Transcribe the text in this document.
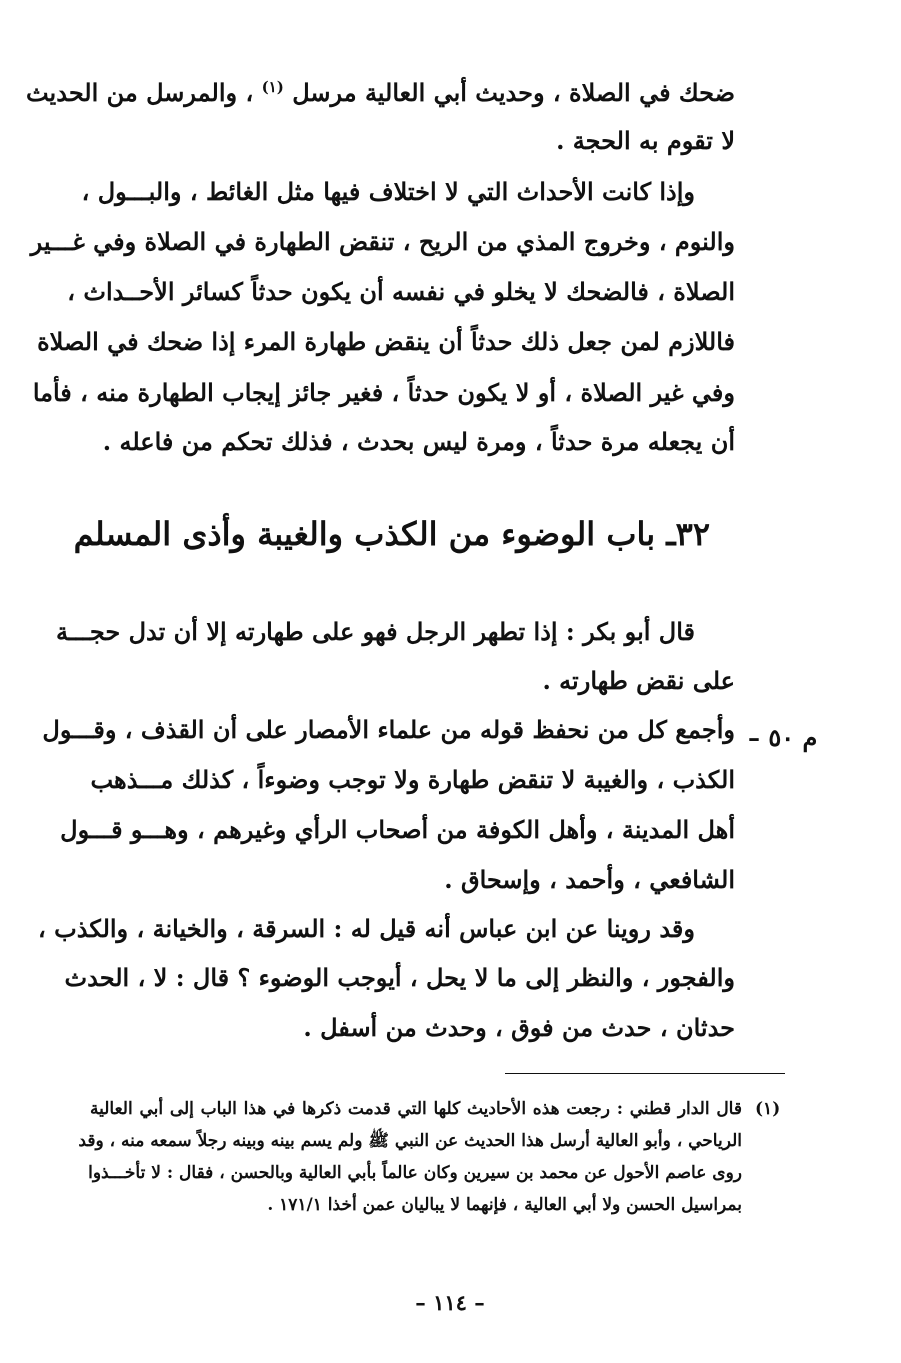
ضحك في الصلاة ، وحديث أبي العالية مرسل $^{(١)}$ ، والمرسل من الحديث
لا تقوم به الحجة .
وإذا كانت الأحداث التي لا اختلاف فيها مثل الغائط ، والبـــول ،
والنوم ، وخروج المذي من الريح ، تنقض الطهارة في الصلاة وفي غـــير
الصلاة ، فالضحك لا يخلو في نفسه أن يكون حدثاً كسائر الأحــداث ،
فاللازم لمن جعل ذلك حدثاً أن ينقض طهارة المرء إذا ضحك في الصلاة
وفي غير الصلاة ، أو لا يكون حدثاً ، فغير جائز إيجاب الطهارة منه ، فأما
أن يجعله مرة حدثاً ، ومرة ليس بحدث ، فذلك تحكم من فاعله .
٣٢ـ باب الوضوء من الكذب والغيبة وأذى المسلم
قال أبو بكر : إذا تطهر الرجل فهو على طهارته إلا أن تدل حجـــة
على نقض طهارته .
م ٥٠ –
وأجمع كل من نحفظ قوله من علماء الأمصار على أن القذف ، وقـــول
الكذب ، والغيبة لا تنقض طهارة ولا توجب وضوءاً ، كذلك مـــذهب
أهل المدينة ، وأهل الكوفة من أصحاب الرأي وغيرهم ، وهـــو قـــول
الشافعي ، وأحمد ، وإسحاق .
وقد روينا عن ابن عباس أنه قيل له : السرقة ، والخيانة ، والكذب ،
والفجور ، والنظر إلى ما لا يحل ، أيوجب الوضوء ؟ قال : لا ، الحدث
حدثان ، حدث من فوق ، وحدث من أسفل .
(١)
قال الدار قطني : رجعت هذه الأحاديث كلها التي قدمت ذكرها في هذا الباب إلى أبي العالية
الرياحي ، وأبو العالية أرسل هذا الحديث عن النبي ﷺ ولم يسم بينه وبينه رجلاً سمعه منه ، وقد
روى عاصم الأحول عن محمد بن سيرين وكان عالماً بأبي العالية وبالحسن ، فقال : لا تأخـــذوا
بمراسيل الحسن ولا أبي العالية ، فإنهما لا يباليان عمن أخذا ١٧١/١ .
– ١١٤ –
